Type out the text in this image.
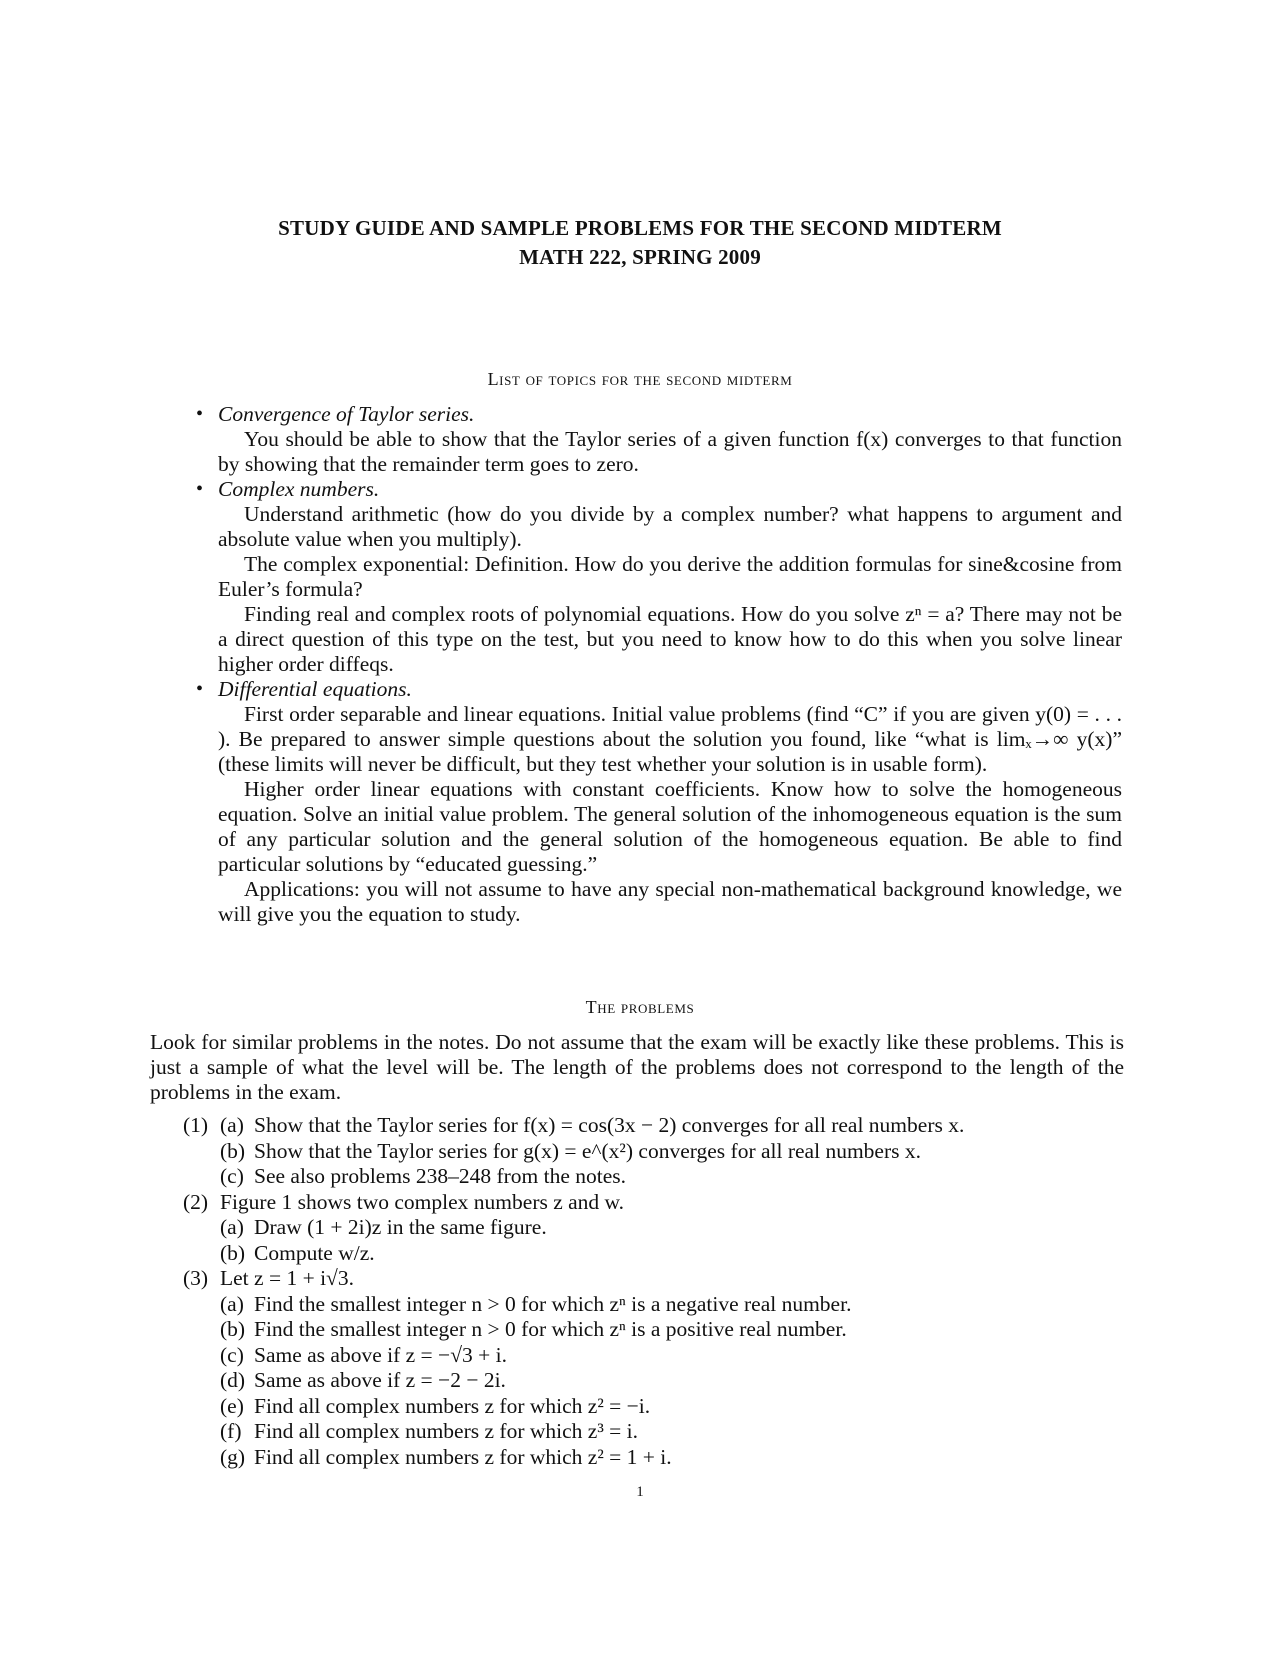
STUDY GUIDE AND SAMPLE PROBLEMS FOR THE SECOND MIDTERM
MATH 222, SPRING 2009
List of topics for the second midterm
• Convergence of Taylor series.
You should be able to show that the Taylor series of a given function f(x) converges to that function by showing that the remainder term goes to zero.
• Complex numbers.
Understand arithmetic (how do you divide by a complex number? what happens to argument and absolute value when you multiply).
The complex exponential: Definition. How do you derive the addition formulas for sine&cosine from Euler’s formula?
Finding real and complex roots of polynomial equations. How do you solve zⁿ = a? There may not be a direct question of this type on the test, but you need to know how to do this when you solve linear higher order diffeqs.
• Differential equations.
First order separable and linear equations. Initial value problems (find “C” if you are given y(0) = . . . ). Be prepared to answer simple questions about the solution you found, like “what is limₓ→∞ y(x)” (these limits will never be difficult, but they test whether your solution is in usable form).
Higher order linear equations with constant coefficients. Know how to solve the homogeneous equation. Solve an initial value problem. The general solution of the inhomogeneous equation is the sum of any particular solution and the general solution of the homogeneous equation. Be able to find particular solutions by “educated guessing.”
Applications: you will not assume to have any special non-mathematical background knowledge, we will give you the equation to study.
The problems
Look for similar problems in the notes. Do not assume that the exam will be exactly like these problems. This is just a sample of what the level will be. The length of the problems does not correspond to the length of the problems in the exam.
(1) (a) Show that the Taylor series for f(x) = cos(3x − 2) converges for all real numbers x.
(b) Show that the Taylor series for g(x) = e^(x²) converges for all real numbers x.
(c) See also problems 238–248 from the notes.
(2) Figure 1 shows two complex numbers z and w.
(a) Draw (1 + 2i)z in the same figure.
(b) Compute w/z.
(3) Let z = 1 + i√3.
(a) Find the smallest integer n > 0 for which zⁿ is a negative real number.
(b) Find the smallest integer n > 0 for which zⁿ is a positive real number.
(c) Same as above if z = −√3 + i.
(d) Same as above if z = −2 − 2i.
(e) Find all complex numbers z for which z² = −i.
(f) Find all complex numbers z for which z³ = i.
(g) Find all complex numbers z for which z² = 1 + i.
1
